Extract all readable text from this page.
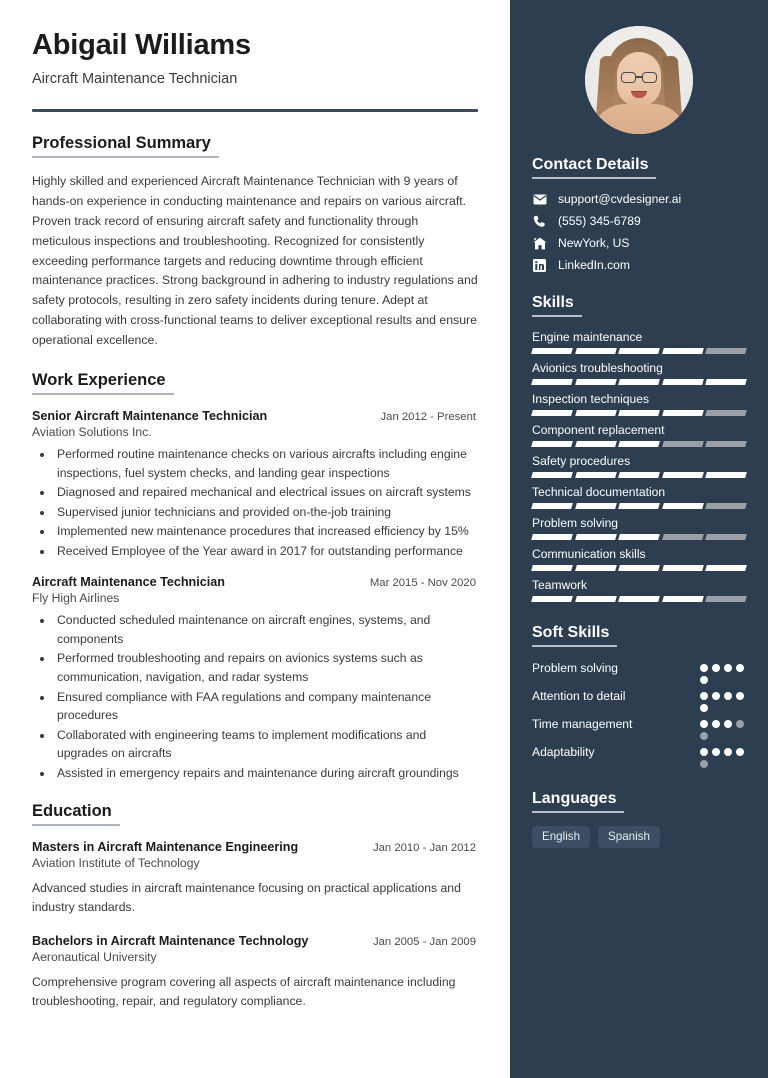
Abigail Williams

Aircraft Maintenance Technician

Professional Summary

Highly skilled and experienced Aircraft Maintenance Technician with 9 years of hands-on experience in conducting maintenance and repairs on various aircraft. Proven track record of ensuring aircraft safety and functionality through meticulous inspections and troubleshooting. Recognized for consistently exceeding performance targets and reducing downtime through efficient maintenance practices. Strong background in adhering to industry regulations and safety protocols, resulting in zero safety incidents during tenure. Adept at collaborating with cross-functional teams to deliver exceptional results and ensure operational excellence.

Work Experience
Senior Aircraft Maintenance Technician	Jan 2012 - Present
Aviation Solutions Inc.
• Performed routine maintenance checks on various aircrafts including engine inspections, fuel system checks, and landing gear inspections
• Diagnosed and repaired mechanical and electrical issues on aircraft systems
• Supervised junior technicians and provided on-the-job training
• Implemented new maintenance procedures that increased efficiency by 15%
• Received Employee of the Year award in 2017 for outstanding performance
Aircraft Maintenance Technician	Mar 2015 - Nov 2020
Fly High Airlines
• Conducted scheduled maintenance on aircraft engines, systems, and components
• Performed troubleshooting and repairs on avionics systems such as communication, navigation, and radar systems
• Ensured compliance with FAA regulations and company maintenance procedures
• Collaborated with engineering teams to implement modifications and upgrades on aircrafts
• Assisted in emergency repairs and maintenance during aircraft groundings
Education
Masters in Aircraft Maintenance Engineering	Jan 2010 - Jan 2012
Aviation Institute of Technology

Advanced studies in aircraft maintenance focusing on practical applications and industry standards.

Bachelors in Aircraft Maintenance Technology	Jan 2005 - Jan 2009
Aeronautical University

Comprehensive program covering all aspects of aircraft maintenance including troubleshooting, repair, and regulatory compliance.

Contact Details
support@cvdesigner.ai
(555) 345-6789
NewYork, US
LinkedIn.com
Skills
Engine maintenance
Avionics troubleshooting
Inspection techniques
Component replacement
Safety procedures
Technical documentation
Problem solving
Communication skills
Teamwork
Soft Skills
Problem solving
Attention to detail
Time management
Adaptability
Languages
English	Spanish
